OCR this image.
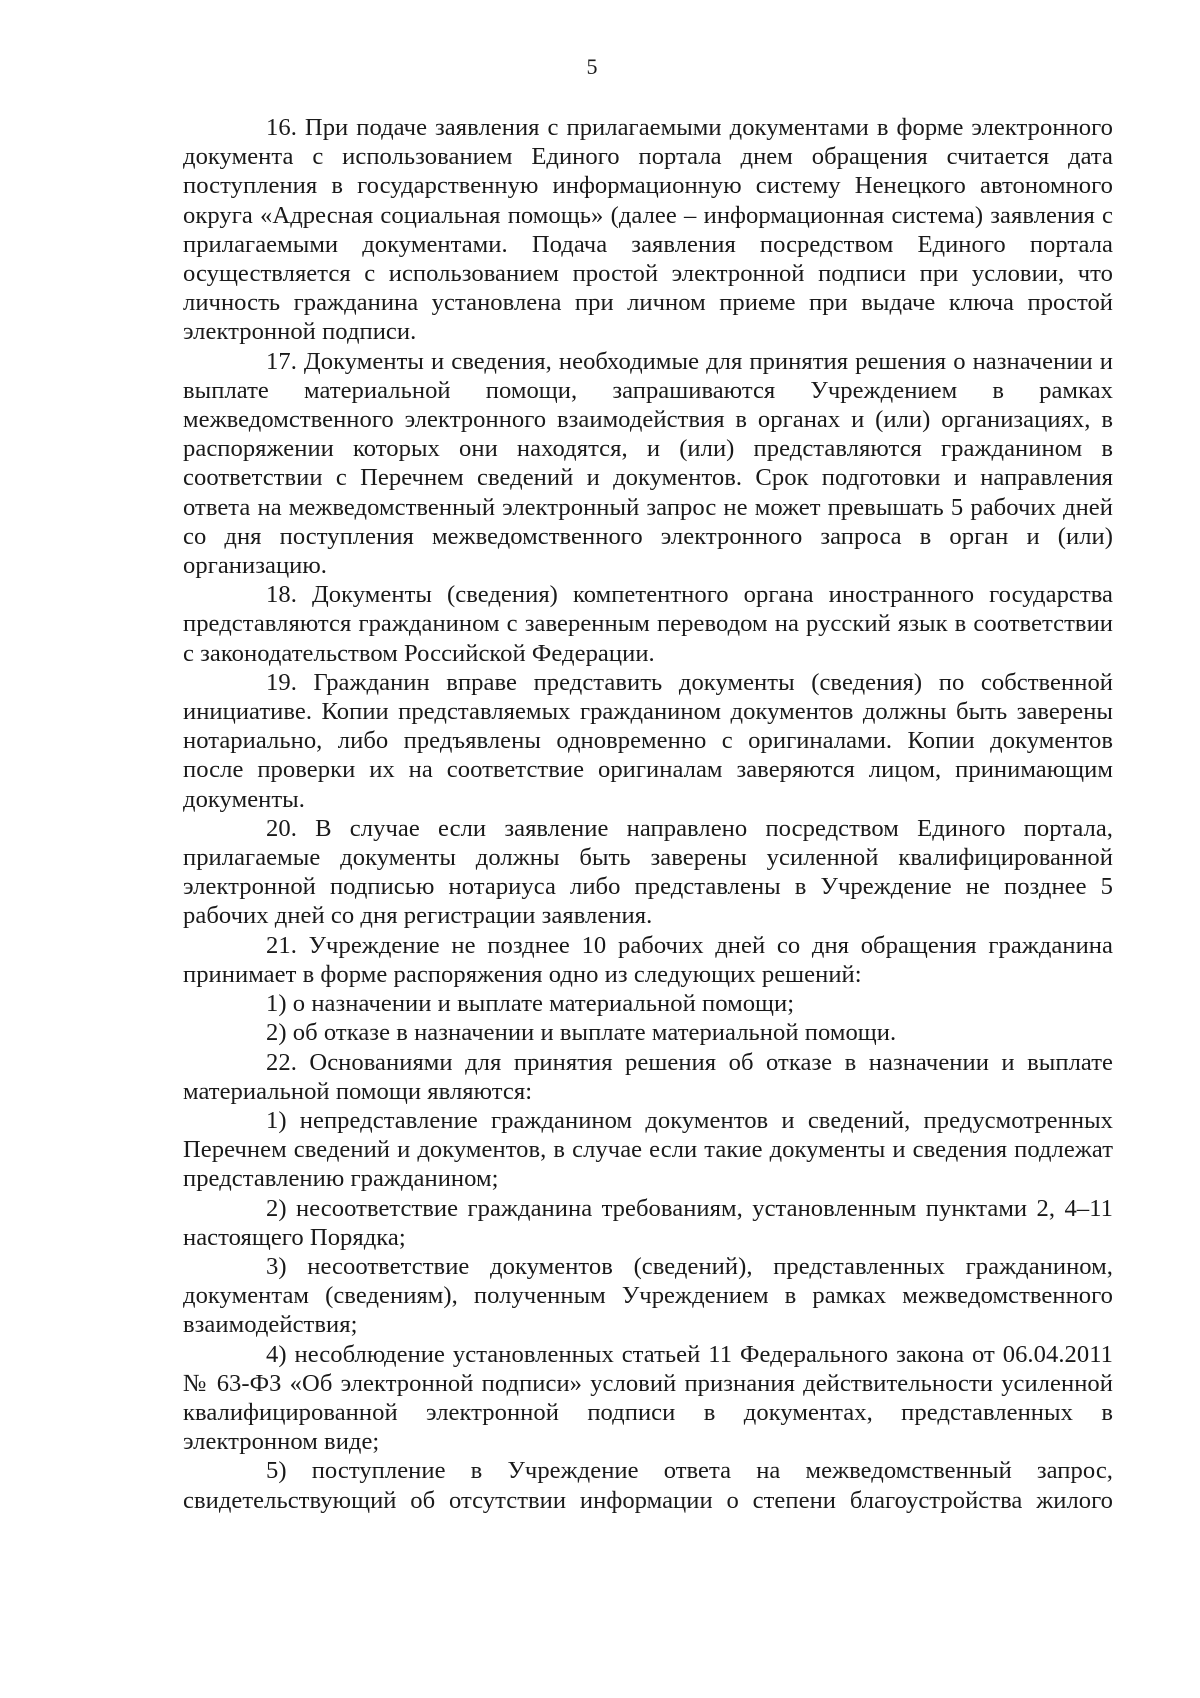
5

16. При подаче заявления с прилагаемыми документами в форме электронного документа с использованием Единого портала днем обращения считается дата поступления в государственную информационную систему Ненецкого автономного округа «Адресная социальная помощь» (далее – информационная система) заявления с прилагаемыми документами. Подача заявления посредством Единого портала осуществляется с использованием простой электронной подписи при условии, что личность гражданина установлена при личном приеме при выдаче ключа простой электронной подписи.

17. Документы и сведения, необходимые для принятия решения о назначении и выплате материальной помощи, запрашиваются Учреждением в рамках межведомственного электронного взаимодействия в органах и (или) организациях, в распоряжении которых они находятся, и (или) представляются гражданином в соответствии с Перечнем сведений и документов. Срок подготовки и направления ответа на межведомственный электронный запрос не может превышать 5 рабочих дней со дня поступления межведомственного электронного запроса в орган и (или) организацию.

18. Документы (сведения) компетентного органа иностранного государства представляются гражданином с заверенным переводом на русский язык в соответствии с законодательством Российской Федерации.

19. Гражданин вправе представить документы (сведения) по собственной инициативе. Копии представляемых гражданином документов должны быть заверены нотариально, либо предъявлены одновременно с оригиналами. Копии документов после проверки их на соответствие оригиналам заверяются лицом, принимающим документы.

20. В случае если заявление направлено посредством Единого портала, прилагаемые документы должны быть заверены усиленной квалифицированной электронной подписью нотариуса либо представлены в Учреждение не позднее 5 рабочих дней со дня регистрации заявления.

21. Учреждение не позднее 10 рабочих дней со дня обращения гражданина принимает в форме распоряжения одно из следующих решений:

1) о назначении и выплате материальной помощи;

2) об отказе в назначении и выплате материальной помощи.

22. Основаниями для принятия решения об отказе в назначении и выплате материальной помощи являются:

1) непредставление гражданином документов и сведений, предусмотренных Перечнем сведений и документов, в случае если такие документы и сведения подлежат представлению гражданином;

2) несоответствие гражданина требованиям, установленным пунктами 2, 4–11 настоящего Порядка;

3) несоответствие документов (сведений), представленных гражданином, документам (сведениям), полученным Учреждением в рамках межведомственного взаимодействия;

4) несоблюдение установленных статьей 11 Федерального закона от 06.04.2011 № 63-ФЗ «Об электронной подписи» условий признания действительности усиленной квалифицированной электронной подписи в документах, представленных в электронном виде;

5) поступление в Учреждение ответа на межведомственный запрос, свидетельствующий об отсутствии информации о степени благоустройства жилого
